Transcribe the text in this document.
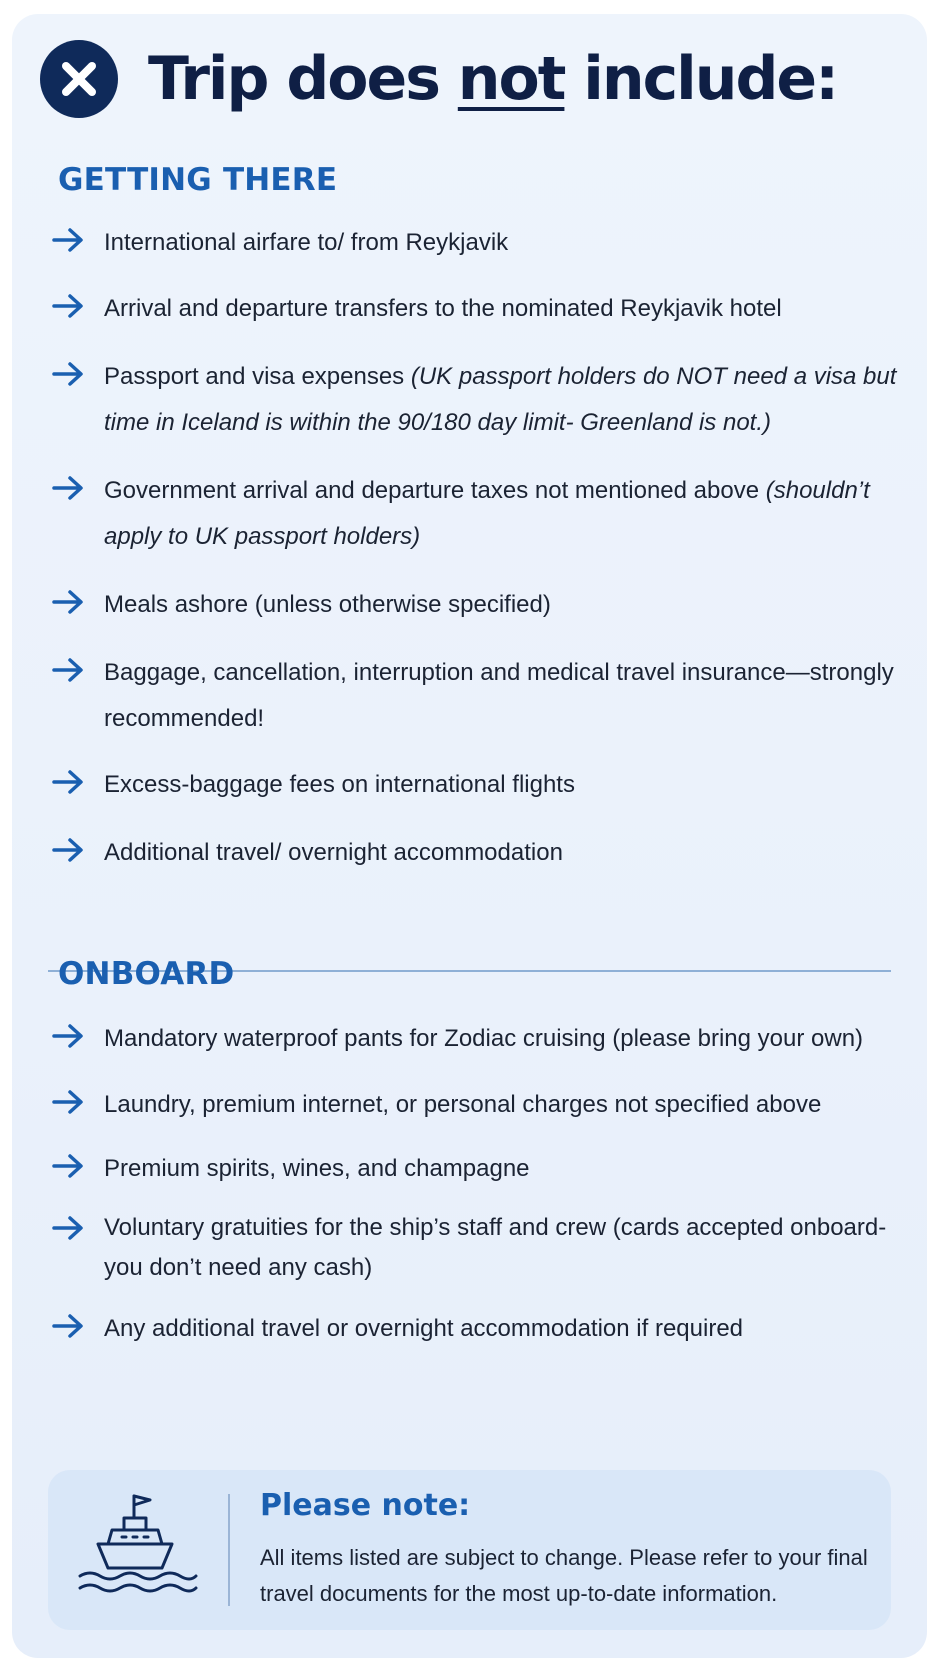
Trip does not include:
GETTING THERE
International airfare to/ from Reykjavik
Arrival and departure transfers to the nominated Reykjavik hotel
Passport and visa expenses (UK passport holders do NOT need a visa but time in Iceland is within the 90/180 day limit- Greenland is not.)
Government arrival and departure taxes not mentioned above (shouldn’t apply to UK passport holders)
Meals ashore (unless otherwise specified)
Baggage, cancellation, interruption and medical travel insurance—strongly recommended!
Excess-baggage fees on international flights
Additional travel/ overnight accommodation
ONBOARD
Mandatory waterproof pants for Zodiac cruising (please bring your own)
Laundry, premium internet, or personal charges not specified above
Premium spirits, wines, and champagne
Voluntary gratuities for the ship’s staff and crew (cards accepted onboard- you don’t need any cash)
Any additional travel or overnight accommodation if required
Please note:
All items listed are subject to change. Please refer to your final travel documents for the most up-to-date information.
